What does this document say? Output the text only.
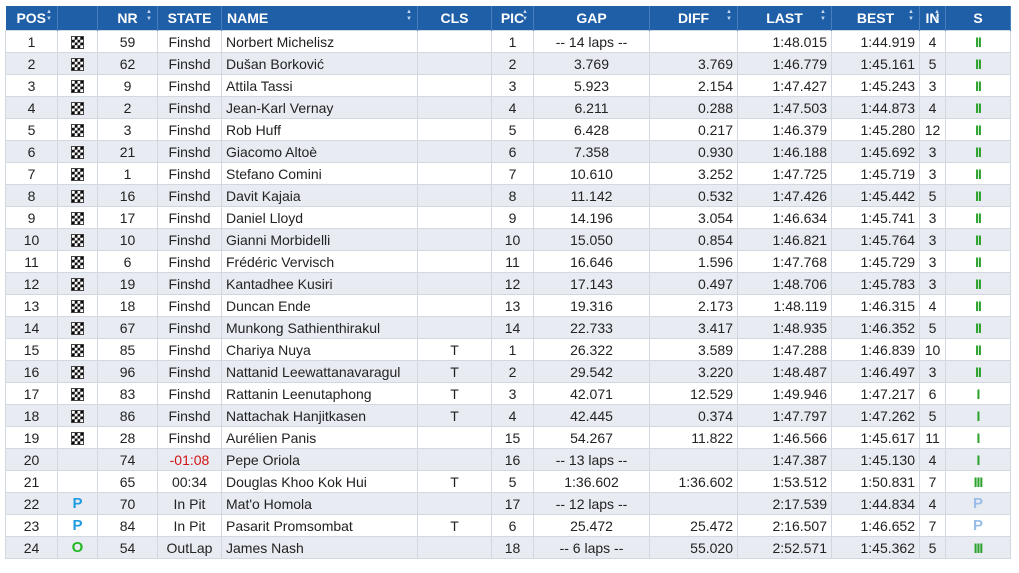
POS ▲ ▼		NR ▲ ▼	STATE	NAME ▲ ▼	CLS	PIC ▲ ▼	GAP	DIFF ▲ ▼	LAST ▲ ▼	BEST ▲ ▼	IN ▲ ▼	S
1		59	Finshd	Norbert Michelisz		1	-- 14 laps --		1:48.015	1:44.919	4	II
2		62	Finshd	Dušan Borković		2	3.769	3.769	1:46.779	1:45.161	5	II
3		9	Finshd	Attila Tassi		3	5.923	2.154	1:47.427	1:45.243	3	II
4		2	Finshd	Jean-Karl Vernay		4	6.211	0.288	1:47.503	1:44.873	4	II
5		3	Finshd	Rob Huff		5	6.428	0.217	1:46.379	1:45.280	12	II
6		21	Finshd	Giacomo Altoè		6	7.358	0.930	1:46.188	1:45.692	3	II
7		1	Finshd	Stefano Comini		7	10.610	3.252	1:47.725	1:45.719	3	II
8		16	Finshd	Davit Kajaia		8	11.142	0.532	1:47.426	1:45.442	5	II
9		17	Finshd	Daniel Lloyd		9	14.196	3.054	1:46.634	1:45.741	3	II
10		10	Finshd	Gianni Morbidelli		10	15.050	0.854	1:46.821	1:45.764	3	II
11		6	Finshd	Frédéric Vervisch		11	16.646	1.596	1:47.768	1:45.729	3	II
12		19	Finshd	Kantadhee Kusiri		12	17.143	0.497	1:48.706	1:45.783	3	II
13		18	Finshd	Duncan Ende		13	19.316	2.173	1:48.119	1:46.315	4	II
14		67	Finshd	Munkong Sathienthirakul		14	22.733	3.417	1:48.935	1:46.352	5	II
15		85	Finshd	Chariya Nuya	T	1	26.322	3.589	1:47.288	1:46.839	10	II
16		96	Finshd	Nattanid Leewattanavaragul	T	2	29.542	3.220	1:48.487	1:46.497	3	II
17		83	Finshd	Rattanin Leenutaphong	T	3	42.071	12.529	1:49.946	1:47.217	6	I
18		86	Finshd	Nattachak Hanjitkasen	T	4	42.445	0.374	1:47.797	1:47.262	5	I
19		28	Finshd	Aurélien Panis		15	54.267	11.822	1:46.566	1:45.617	11	I
20		74	-01:08	Pepe Oriola		16	-- 13 laps --		1:47.387	1:45.130	4	I
21		65	00:34	Douglas Khoo Kok Hui	T	5	1:36.602	1:36.602	1:53.512	1:50.831	7	III
22	P	70	In Pit	Mat'o Homola		17	-- 12 laps --		2:17.539	1:44.834	4	P
23	P	84	In Pit	Pasarit Promsombat	T	6	25.472	25.472	2:16.507	1:46.652	7	P
24	O	54	OutLap	James Nash		18	-- 6 laps --	55.020	2:52.571	1:45.362	5	III
